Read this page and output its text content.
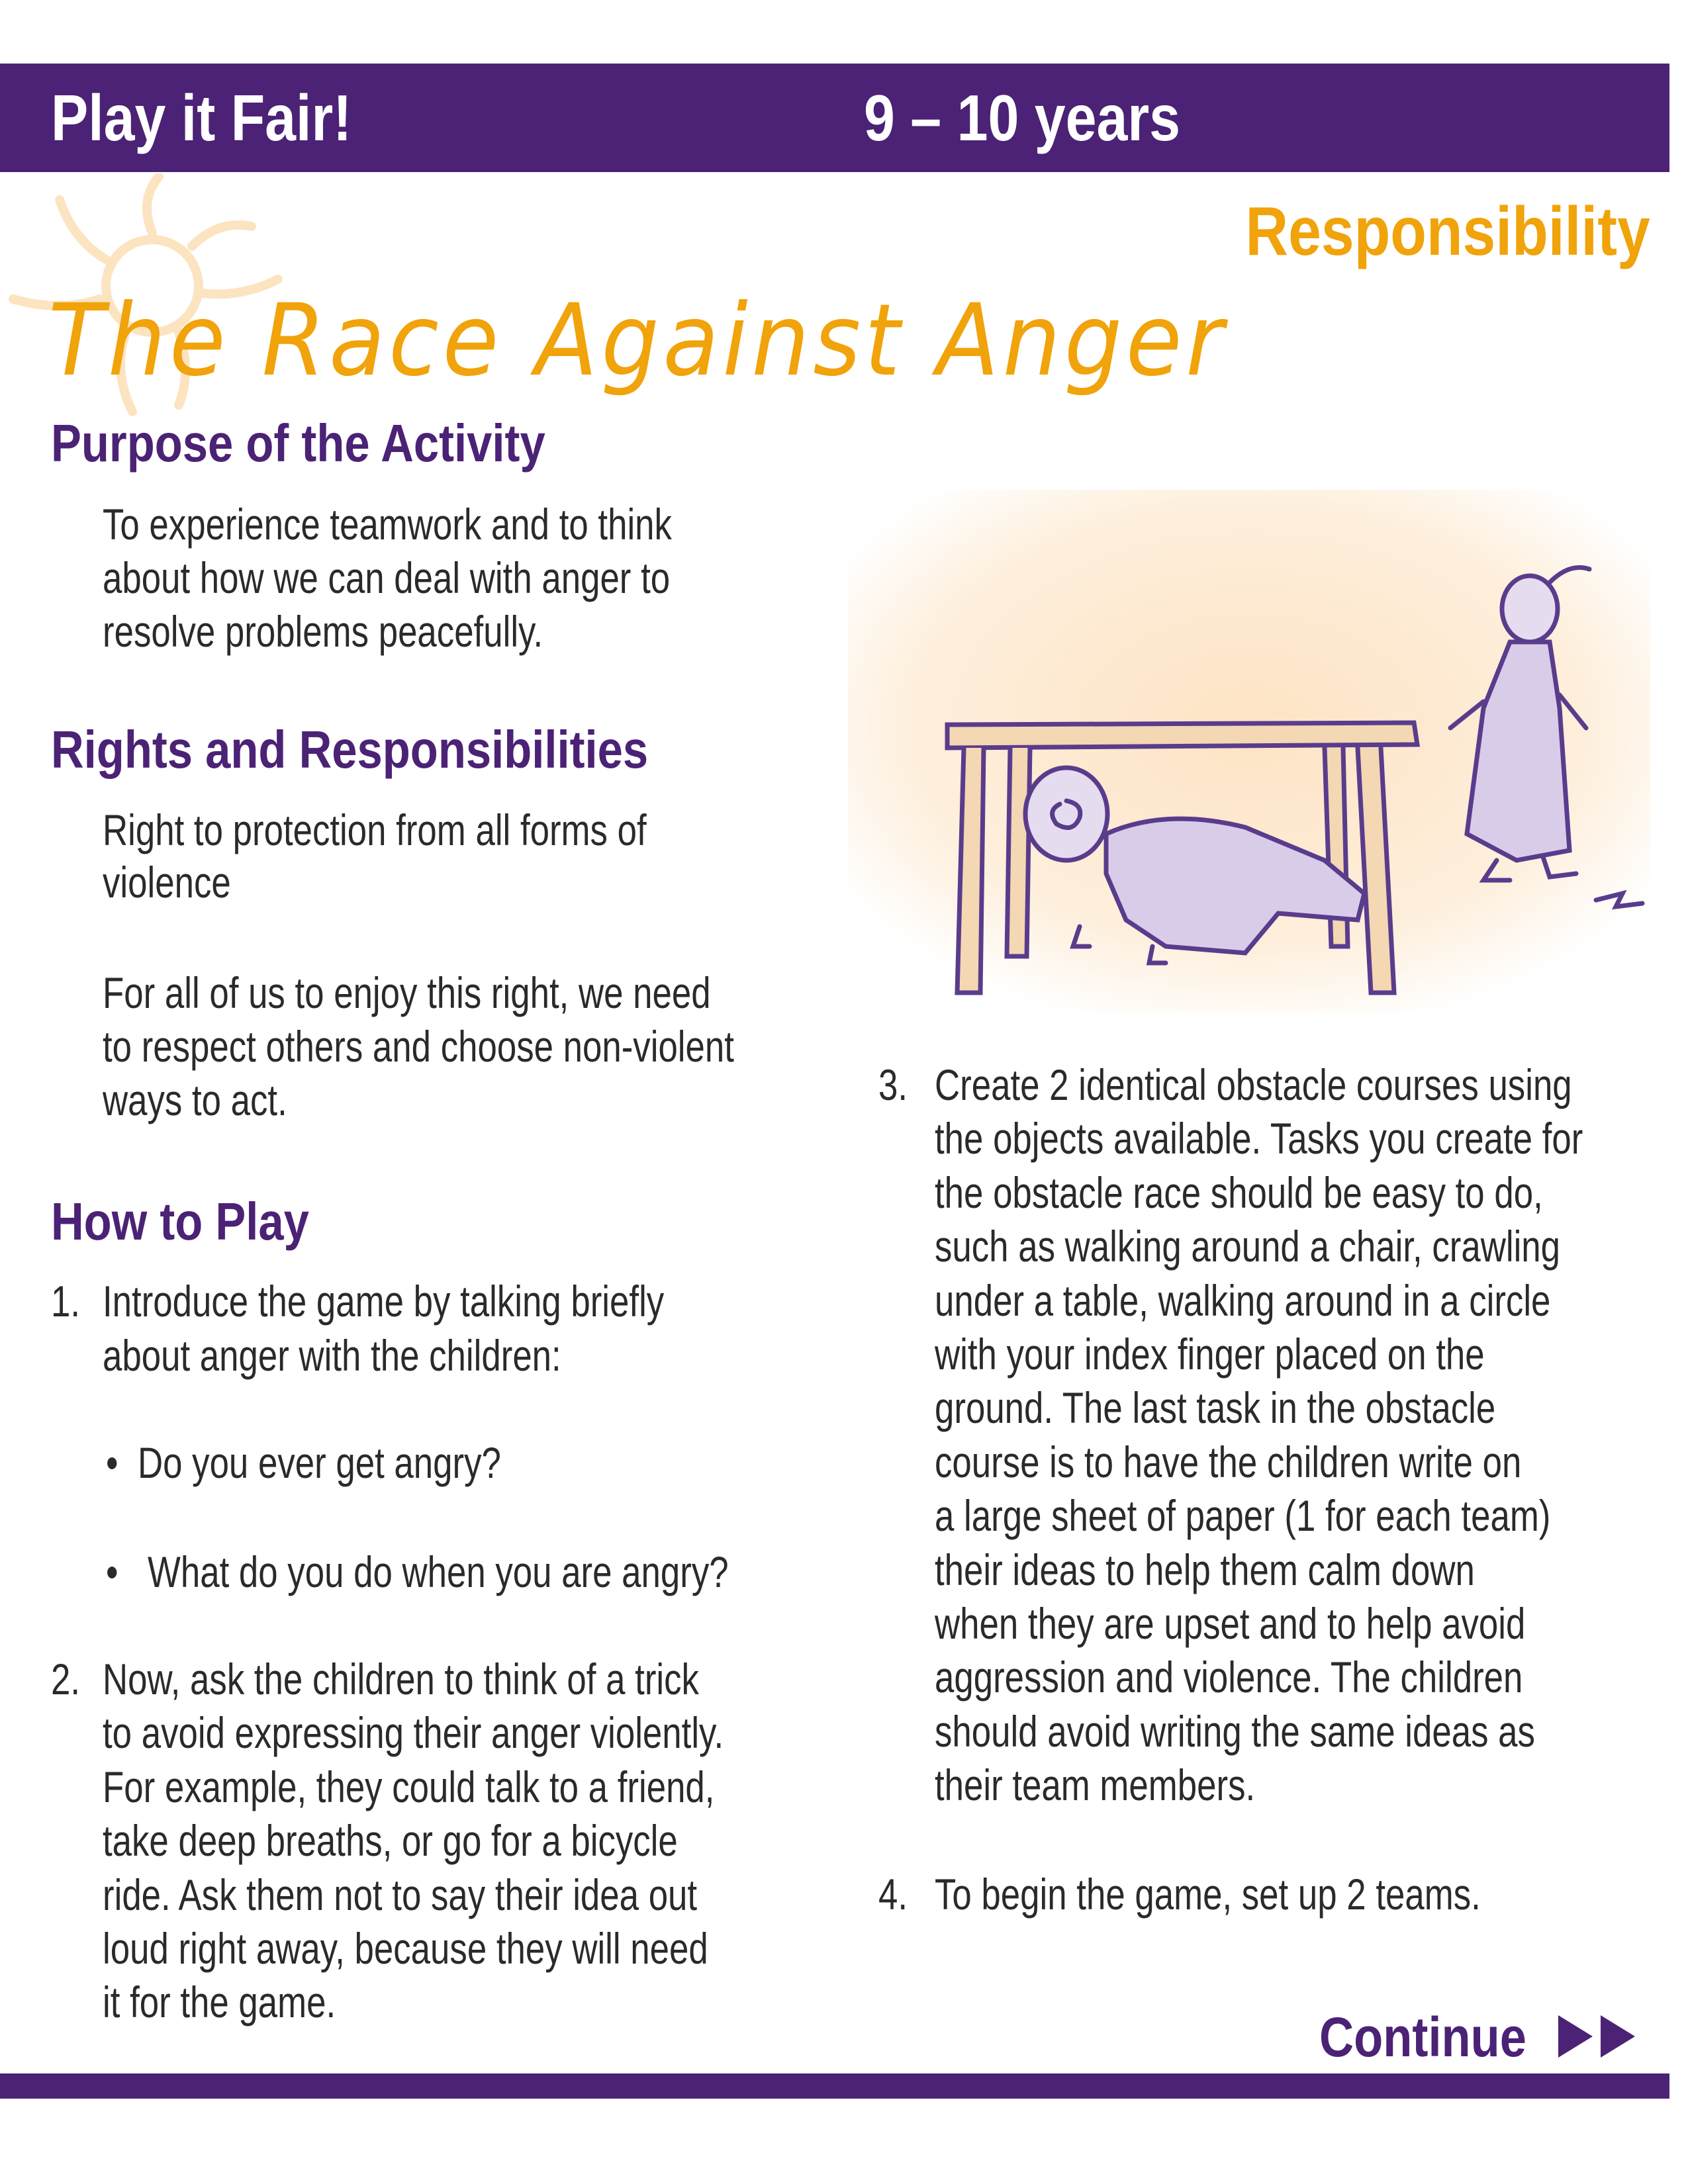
Play it Fair!	9 – 10 years
Responsibility
The Race Against Anger
Purpose of the Activity
To experience teamwork and to think
about how we can deal with anger to
resolve problems peacefully.
Rights and Responsibilities
Right to protection from all forms of
violence
For all of us to enjoy this right, we need
to respect others and choose non-violent
ways to act.
How to Play
1. Introduce the game by talking briefly
about anger with the children:
• Do you ever get angry?
• What do you do when you are angry?
2. Now, ask the children to think of a trick
to avoid expressing their anger violently.
For example, they could talk to a friend,
take deep breaths, or go for a bicycle
ride. Ask them not to say their idea out
loud right away, because they will need
it for the game.
3. Create 2 identical obstacle courses using
the objects available. Tasks you create for
the obstacle race should be easy to do,
such as walking around a chair, crawling
under a table, walking around in a circle
with your index finger placed on the
ground. The last task in the obstacle
course is to have the children write on
a large sheet of paper (1 for each team)
their ideas to help them calm down
when they are upset and to help avoid
aggression and violence. The children
should avoid writing the same ideas as
their team members.
4. To begin the game, set up 2 teams.
Continue
